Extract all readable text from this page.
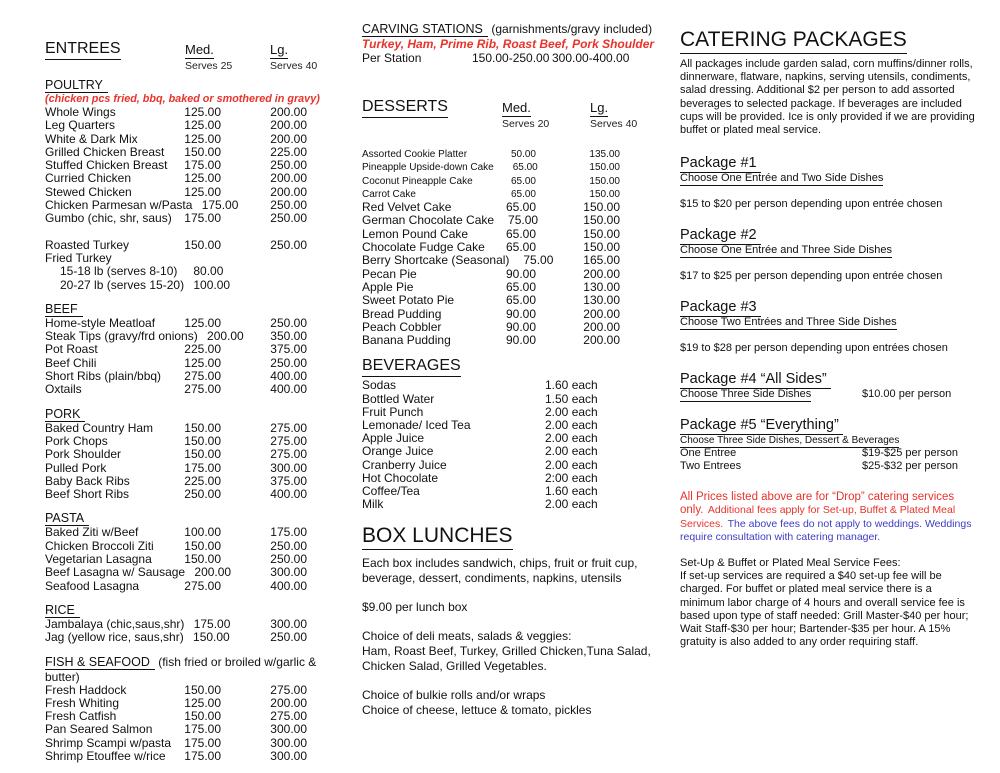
ENTREES	Med.	Lg.
Serves 25	Serves 40
POULTRY
(chicken pcs fried, bbq, baked or smothered in gravy)
Whole Wings	125.00	200.00
Leg Quarters	125.00	200.00
White & Dark Mix	125.00	200.00
Grilled Chicken Breast 150.00	225.00
Stuffed Chicken Breast 175.00	250.00
Curried Chicken	125.00	200.00
Stewed Chicken	125.00	200.00
Chicken Parmesan w/Pasta 175.00	250.00
Gumbo (chic, shr, saus) 175.00	250.00
Roasted Turkey	150.00	250.00
Fried Turkey
15-18 lb (serves 8-10) 80.00
20-27 lb (serves 15-20) 100.00
BEEF
Home-style Meatloaf 125.00	250.00
Steak Tips (gravy/frd onions) 200.00	350.00
Pot Roast	225.00	375.00
Beef Chili	125.00	250.00
Short Ribs (plain/bbq) 275.00	400.00
Oxtails	275.00	400.00
PORK
Baked Country Ham	150.00	275.00
Pork Chops	150.00	275.00
Pork Shoulder	150.00	275.00
Pulled Pork	175.00	300.00
Baby Back Ribs	225.00	375.00
Beef Short Ribs	250.00	400.00
PASTA
Baked Ziti w/Beef	100.00	175.00
Chicken Broccoli Ziti	150.00	250.00
Vegetarian Lasagna	150.00	250.00
Beef Lasagna w/ Sausage 200.00	300.00
Seafood Lasagna	275.00	400.00
RICE
Jambalaya (chic,saus,shr) 175.00	300.00
Jag (yellow rice, saus,shr) 150.00	250.00
FISH & SEAFOOD (fish fried or broiled w/garlic & butter)
Fresh Haddock	150.00	275.00
Fresh Whiting	125.00	200.00
Fresh Catfish	150.00	275.00
Pan Seared Salmon	175.00	300.00
Shrimp Scampi w/pasta 175.00	300.00
Shrimp Etouffee w/rice 175.00	300.00
CARVING STATIONS (garnishments/gravy included)
Turkey, Ham, Prime Rib, Roast Beef, Pork Shoulder
Per Station	150.00-250.00 300.00-400.00
DESSERTS	Med.	Lg.
Serves 20	Serves 40
Assorted Cookie Platter	50.00	135.00
Pineapple Upside-down Cake 65.00	150.00
Coconut Pineapple Cake	65.00	150.00
Carrot Cake	65.00	150.00
Red Velvet Cake	65.00	150.00
German Chocolate Cake 75.00	150.00
Lemon Pound Cake	65.00	150.00
Chocolate Fudge Cake 65.00	150.00
Berry Shortcake (Seasonal) 75.00	165.00
Pecan Pie	90.00	200.00
Apple Pie	65.00	130.00
Sweet Potato Pie	65.00	130.00
Bread Pudding	90.00	200.00
Peach Cobbler	90.00	200.00
Banana Pudding	90.00	200.00
BEVERAGES
Sodas	1.60 each
Bottled Water	1.50 each
Fruit Punch	2.00 each
Lemonade/ Iced Tea	2.00 each
Apple Juice	2.00 each
Orange Juice	2.00 each
Cranberry Juice	2.00 each
Hot Chocolate	2:00 each
Coffee/Tea	1.60 each
Milk	2.00 each
BOX LUNCHES

Each box includes sandwich, chips, fruit or fruit cup, beverage, dessert, condiments, napkins, utensils

$9.00 per lunch box

Choice of deli meats, salads & veggies:

Ham, Roast Beef, Turkey, Grilled Chicken,Tuna Salad, Chicken Salad, Grilled Vegetables.

Choice of bulkie rolls and/or wraps

Choice of cheese, lettuce & tomato, pickles

CATERING PACKAGES
All packages include garden salad, corn muffins/dinner rolls, dinnerware, flatware, napkins, serving utensils, condiments, salad dressing. Additional $2 per person to add assorted beverages to selected package. If beverages are included cups will be provided. Ice is only provided if we are providing buffet or plated meal service.
Package #1
Choose One Entrée and Two Side Dishes
$15 to $20 per person depending upon entrée chosen
Package #2
Choose One Entrée and Three Side Dishes
$17 to $25 per person depending upon entrée chosen
Package #3
Choose Two Entrées and Three Side Dishes
$19 to $28 per person depending upon entrées chosen
Package #4 “All Sides”
Choose Three Side Dishes	$10.00 per person
Package #5 “Everything”
Choose Three Side Dishes, Dessert & Beverages
One Entree	$19-$25 per person
Two Entrees	$25-$32 per person
All Prices listed above are for “Drop” catering services only. Additional fees apply for Set-up, Buffet & Plated Meal Services. The above fees do not apply to weddings. Weddings require consultation with catering manager.
Set-Up & Buffet or Plated Meal Service Fees:
If set-up services are required a $40 set-up fee will be charged. For buffet or plated meal service there is a minimum labor charge of 4 hours and overall service fee is based upon type of staff needed: Grill Master-$40 per hour; Wait Staff-$30 per hour; Bartender-$35 per hour. A 15% gratuity is also added to any order requiring staff.
